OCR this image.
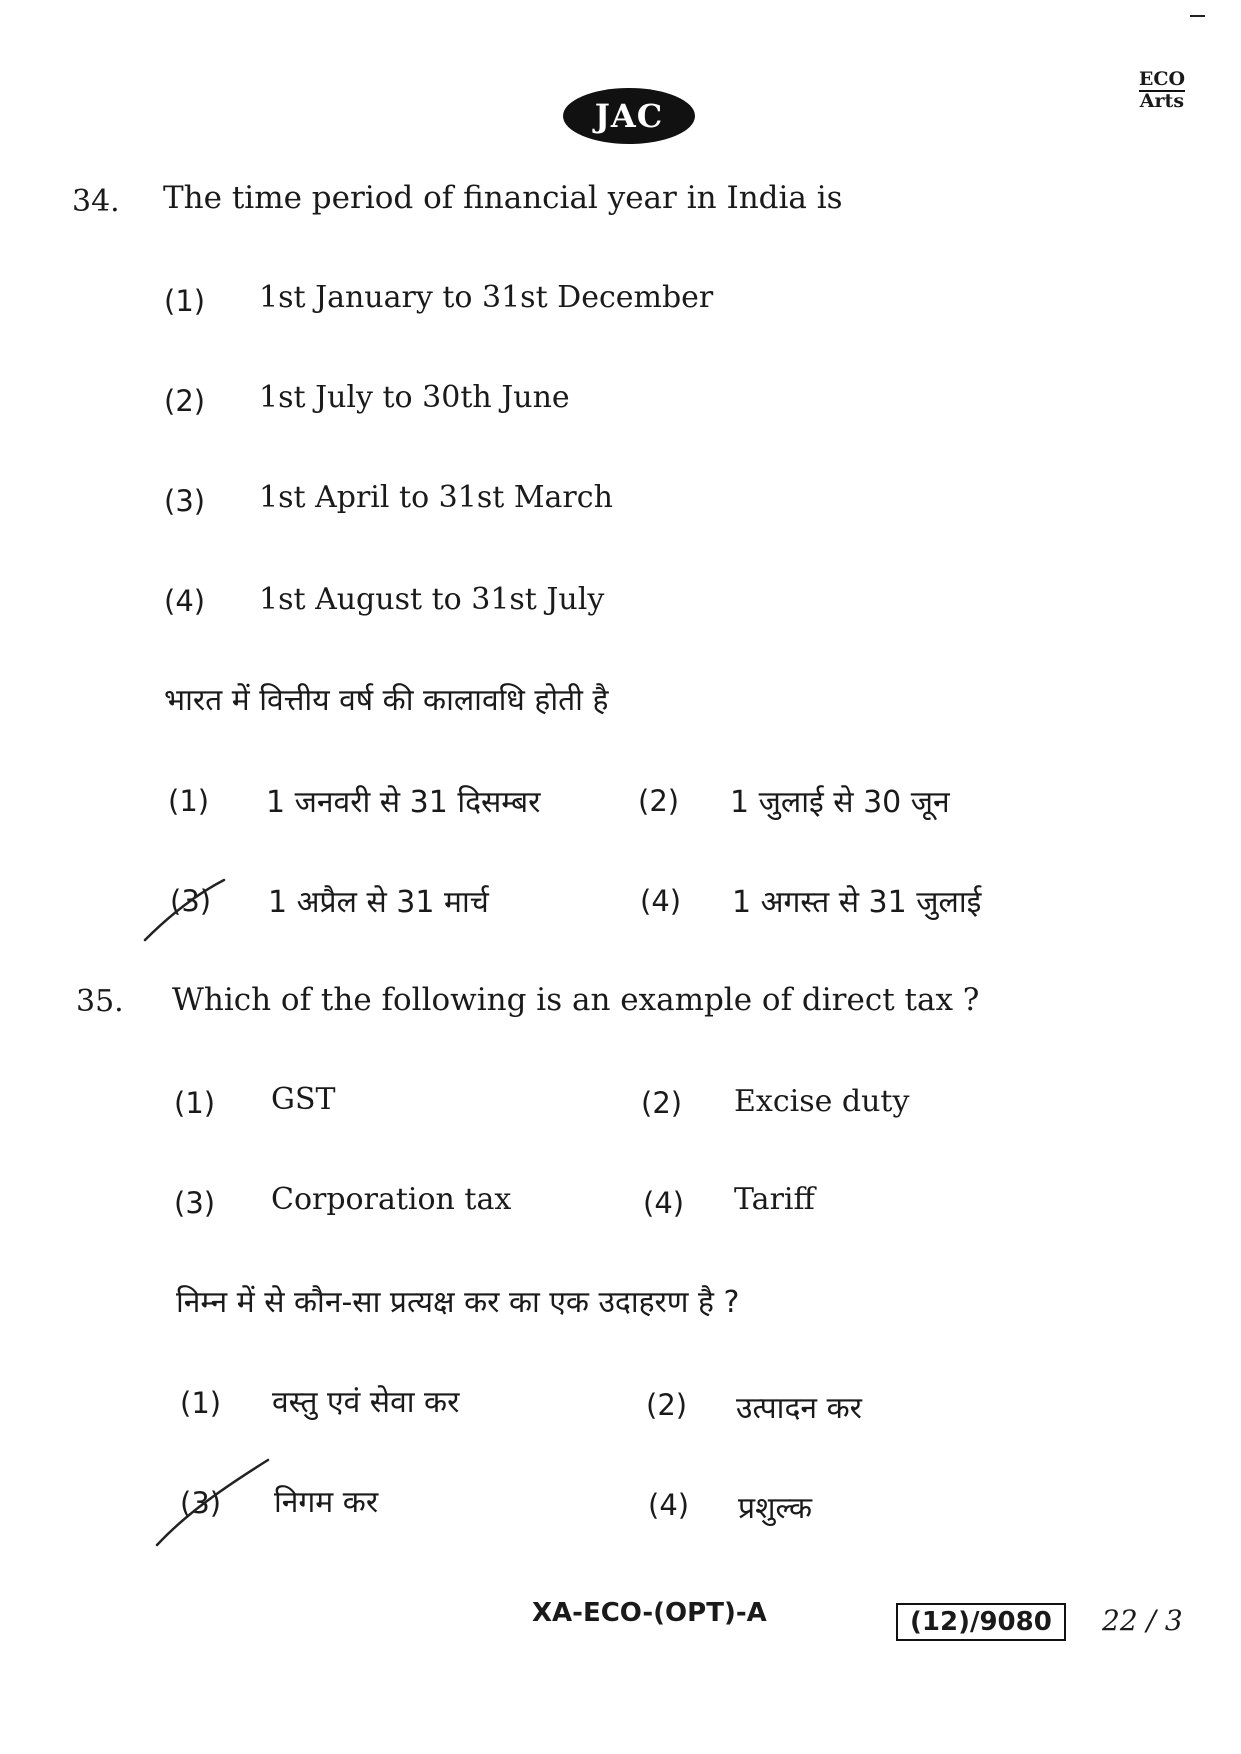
JAC
ECO
Arts
34. The time period of financial year in India is
(1) 1st January to 31st December
(2) 1st July to 30th June
(3) 1st April to 31st March
(4) 1st August to 31st July
भारत में वित्तीय वर्ष की कालावधि होती है
(1) 1 जनवरी से 31 दिसम्बर	(2) 1 जुलाई से 30 जून
(3) 1 अप्रैल से 31 मार्च	(4) 1 अगस्त से 31 जुलाई
35. Which of the following is an example of direct tax ?
(1) GST	(2) Excise duty
(3) Corporation tax	(4) Tariff
निम्न में से कौन-सा प्रत्यक्ष कर का एक उदाहरण है ?
(1) वस्तु एवं सेवा कर	(2) उत्पादन कर
(3) निगम कर	(4) प्रशुल्क
XA-ECO-(OPT)-A	(12)/9080	22 / 3
